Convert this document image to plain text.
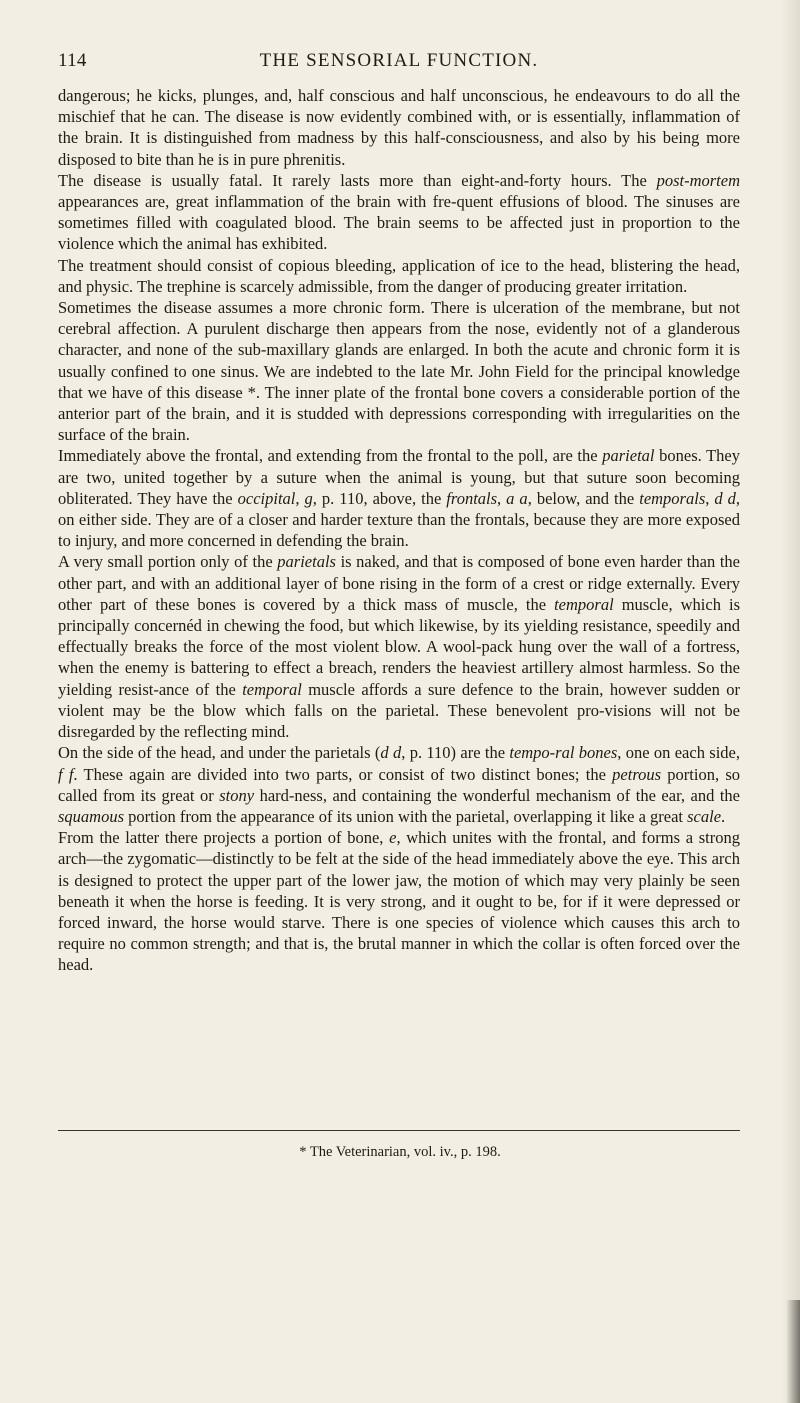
114	THE SENSORIAL FUNCTION.

dangerous; he kicks, plunges, and, half conscious and half unconscious, he endeavours to do all the mischief that he can. The disease is now evidently combined with, or is essentially, inflammation of the brain. It is distinguished from madness by this half-consciousness, and also by his being more disposed to bite than he is in pure phrenitis.

The disease is usually fatal. It rarely lasts more than eight-and-forty hours. The post-mortem appearances are, great inflammation of the brain with fre-quent effusions of blood. The sinuses are sometimes filled with coagulated blood. The brain seems to be affected just in proportion to the violence which the animal has exhibited.

The treatment should consist of copious bleeding, application of ice to the head, blistering the head, and physic. The trephine is scarcely admissible, from the danger of producing greater irritation.

Sometimes the disease assumes a more chronic form. There is ulceration of the membrane, but not cerebral affection. A purulent discharge then appears from the nose, evidently not of a glanderous character, and none of the sub-maxillary glands are enlarged. In both the acute and chronic form it is usually confined to one sinus. We are indebted to the late Mr. John Field for the principal knowledge that we have of this disease *. The inner plate of the frontal bone covers a considerable portion of the anterior part of the brain, and it is studded with depressions corresponding with irregularities on the surface of the brain.

Immediately above the frontal, and extending from the frontal to the poll, are the parietal bones. They are two, united together by a suture when the animal is young, but that suture soon becoming obliterated. They have the occipital, g, p. 110, above, the frontals, a a, below, and the temporals, d d, on either side. They are of a closer and harder texture than the frontals, because they are more exposed to injury, and more concerned in defending the brain.

A very small portion only of the parietals is naked, and that is composed of bone even harder than the other part, and with an additional layer of bone rising in the form of a crest or ridge externally. Every other part of these bones is covered by a thick mass of muscle, the temporal muscle, which is principally concernéd in chewing the food, but which likewise, by its yielding resistance, speedily and effectually breaks the force of the most violent blow. A wool-pack hung over the wall of a fortress, when the enemy is battering to effect a breach, renders the heaviest artillery almost harmless. So the yielding resist-ance of the temporal muscle affords a sure defence to the brain, however sudden or violent may be the blow which falls on the parietal. These benevolent pro-visions will not be disregarded by the reflecting mind.

On the side of the head, and under the parietals (d d, p. 110) are the tempo-ral bones, one on each side, f f. These again are divided into two parts, or consist of two distinct bones; the petrous portion, so called from its great or stony hard-ness, and containing the wonderful mechanism of the ear, and the squamous portion from the appearance of its union with the parietal, overlapping it like a great scale.

From the latter there projects a portion of bone, e, which unites with the frontal, and forms a strong arch—the zygomatic—distinctly to be felt at the side of the head immediately above the eye. This arch is designed to protect the upper part of the lower jaw, the motion of which may very plainly be seen beneath it when the horse is feeding. It is very strong, and it ought to be, for if it were depressed or forced inward, the horse would starve. There is one species of violence which causes this arch to require no common strength; and that is, the brutal manner in which the collar is often forced over the head.

* The Veterinarian, vol. iv., p. 198.
